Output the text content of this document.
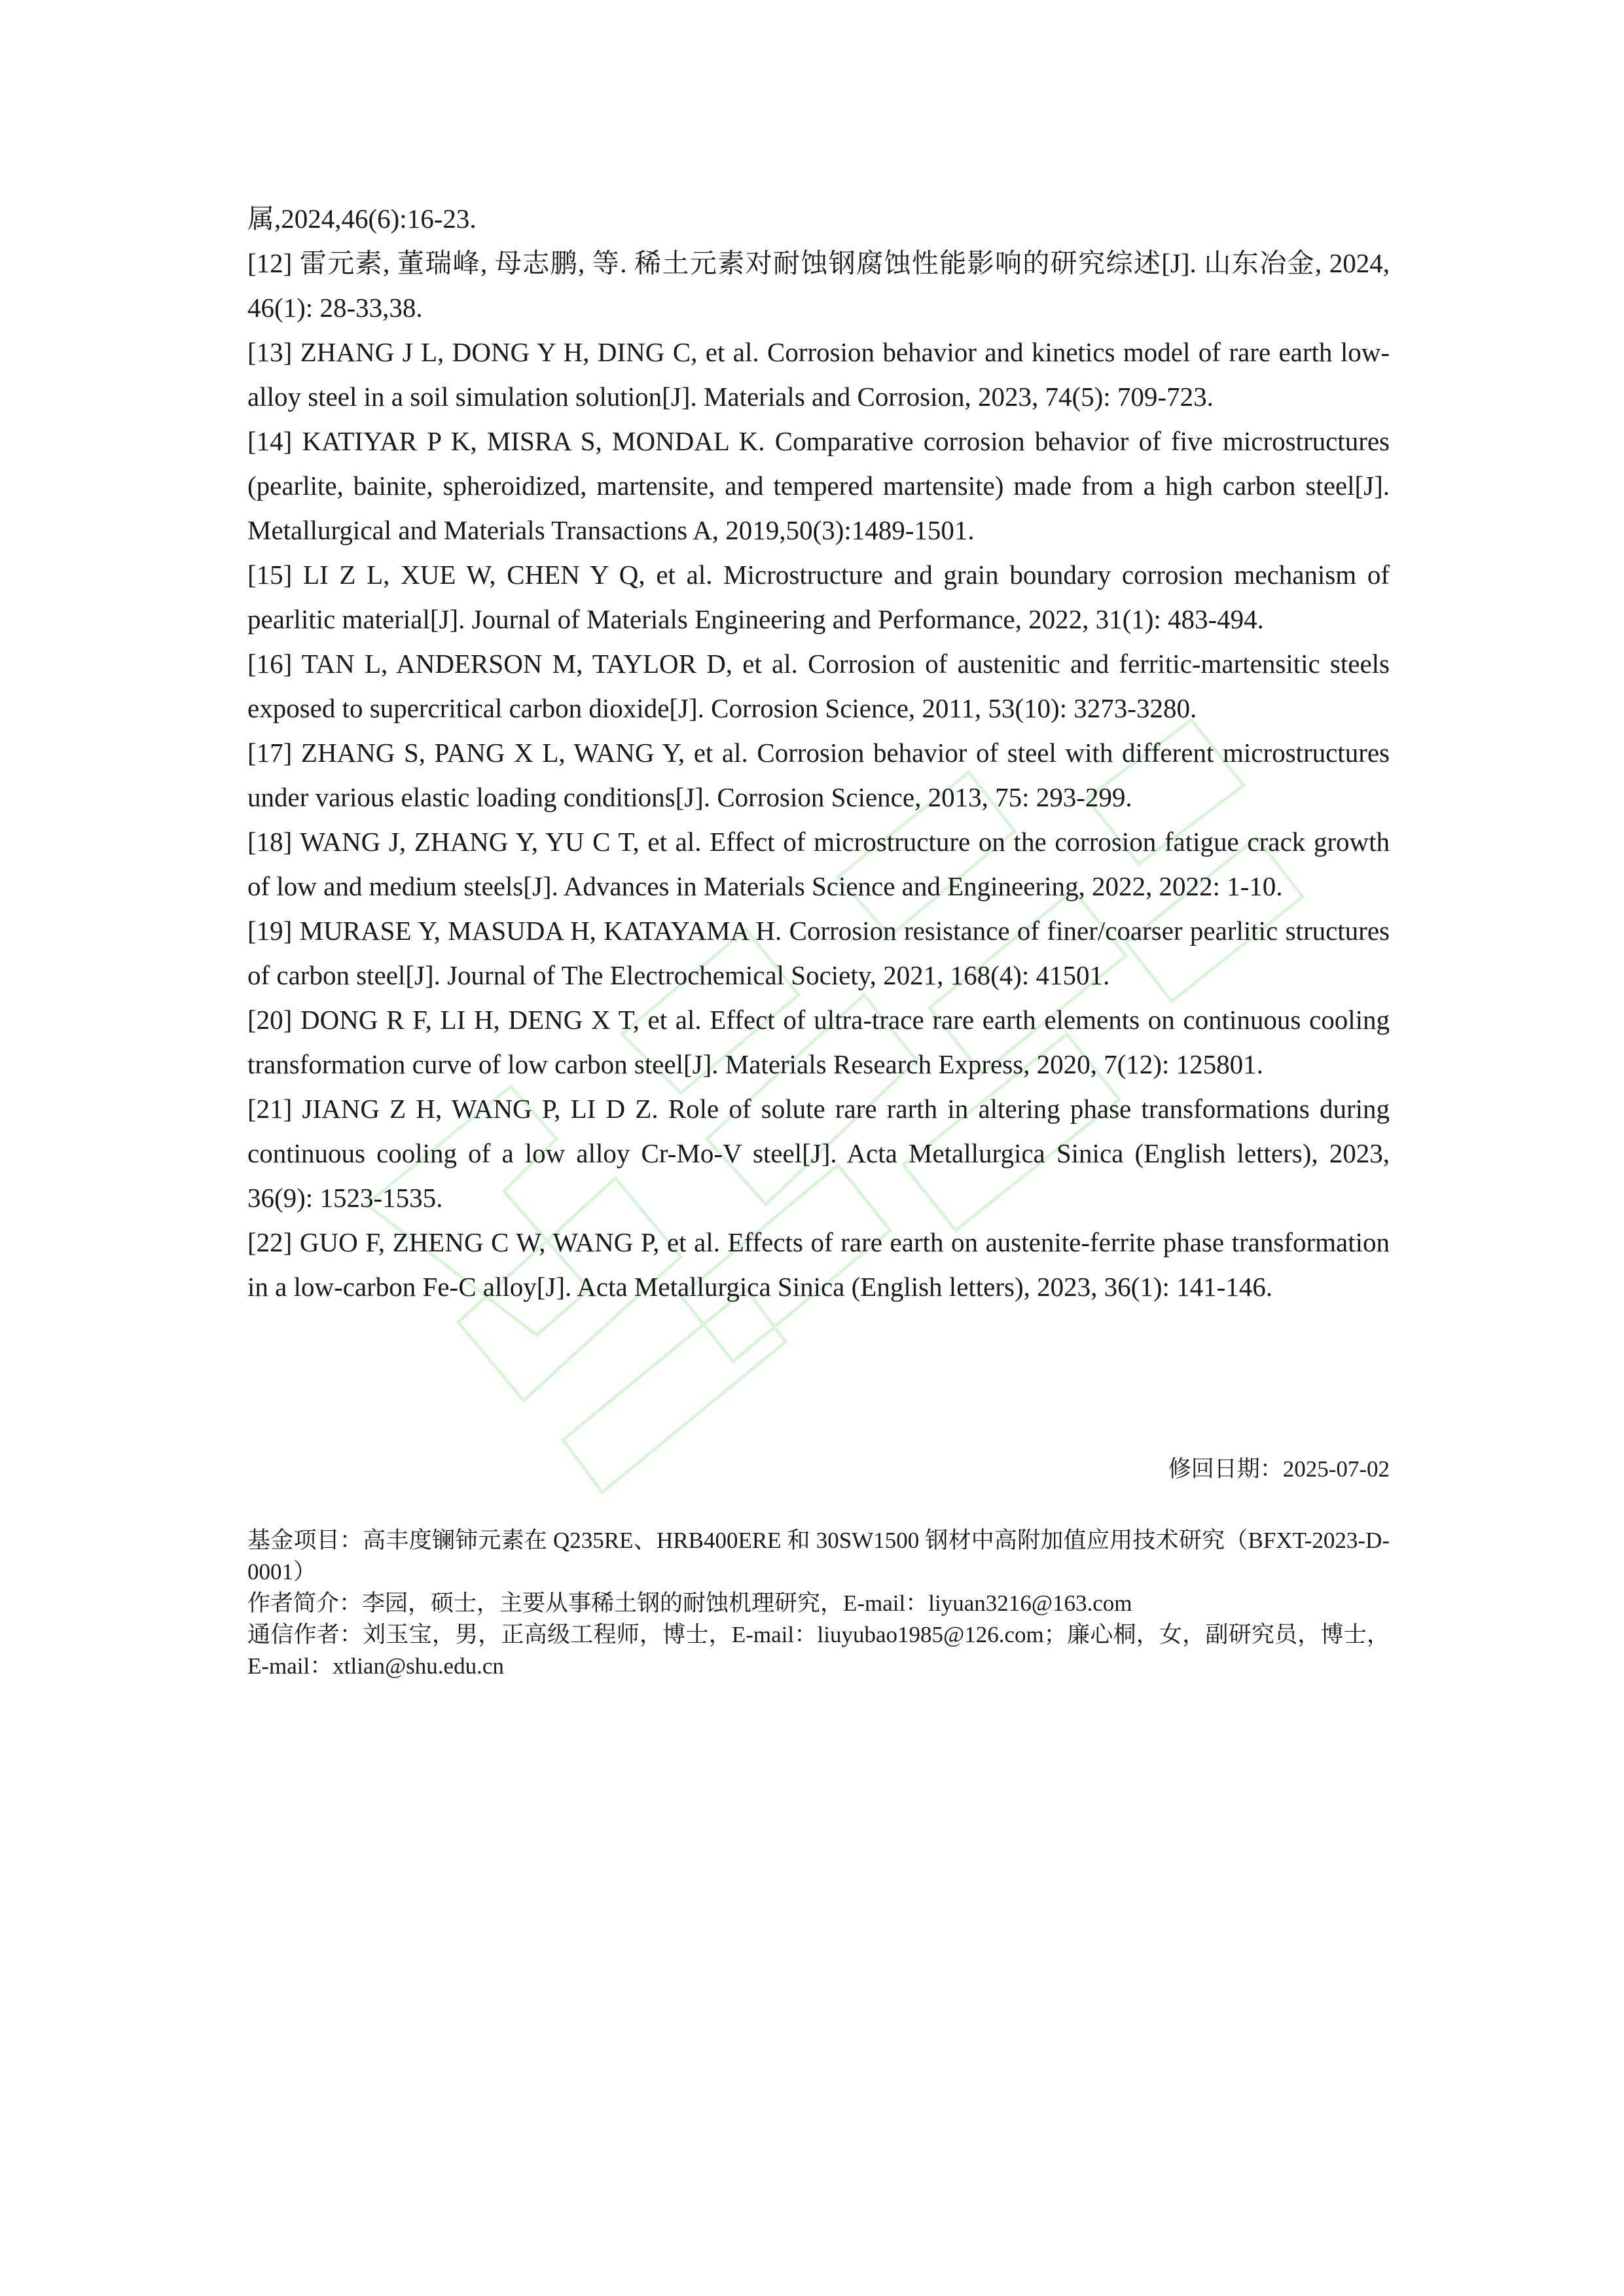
属,2024,46(6):16-23.

[12] 雷元素, 董瑞峰, 母志鹏, 等. 稀土元素对耐蚀钢腐蚀性能影响的研究综述[J]. 山东冶金, 2024, 46(1): 28-33,38.

[13] ZHANG J L, DONG Y H, DING C, et al. Corrosion behavior and kinetics model of rare earth low‐alloy steel in a soil simulation solution[J]. Materials and Corrosion, 2023, 74(5): 709-723.

[14] KATIYAR P K, MISRA S, MONDAL K. Comparative corrosion behavior of five microstructures (pearlite, bainite, spheroidized, martensite, and tempered martensite) made from a high carbon steel[J]. Metallurgical and Materials Transactions A, 2019,50(3):1489-1501.

[15] LI Z L, XUE W, CHEN Y Q, et al. Microstructure and grain boundary corrosion mechanism of pearlitic material[J]. Journal of Materials Engineering and Performance, 2022, 31(1): 483-494.

[16] TAN L, ANDERSON M, TAYLOR D, et al. Corrosion of austenitic and ferritic-martensitic steels exposed to supercritical carbon dioxide[J]. Corrosion Science, 2011, 53(10): 3273-3280.

[17] ZHANG S, PANG X L, WANG Y, et al. Corrosion behavior of steel with different microstructures under various elastic loading conditions[J]. Corrosion Science, 2013, 75: 293-299.

[18] WANG J, ZHANG Y, YU C T, et al. Effect of microstructure on the corrosion fatigue crack growth of low and medium steels[J]. Advances in Materials Science and Engineering, 2022, 2022: 1-10.

[19] MURASE Y, MASUDA H, KATAYAMA H. Corrosion resistance of finer/coarser pearlitic structures of carbon steel[J]. Journal of The Electrochemical Society, 2021, 168(4): 41501.

[20] DONG R F, LI H, DENG X T, et al. Effect of ultra-trace rare earth elements on continuous cooling transformation curve of low carbon steel[J]. Materials Research Express, 2020, 7(12): 125801.

[21] JIANG Z H, WANG P, LI D Z. Role of solute rare rarth in altering phase transformations during continuous cooling of a low alloy Cr-Mo-V steel[J]. Acta Metallurgica Sinica (English letters), 2023, 36(9): 1523-1535.

[22] GUO F, ZHENG C W, WANG P, et al. Effects of rare earth on austenite-ferrite phase transformation in a low-carbon Fe-C alloy[J]. Acta Metallurgica Sinica (English letters), 2023, 36(1): 141-146.

修回日期：2025-07-02

基金项目：高丰度镧铈元素在 Q235RE、HRB400ERE 和 30SW1500 钢材中高附加值应用技术研究（BFXT-2023-D-0001）

作者简介：李园，硕士，主要从事稀土钢的耐蚀机理研究，E-mail：liyuan3216@163.com

通信作者：刘玉宝，男，正高级工程师，博士，E-mail：liuyubao1985@126.com；廉心桐，女，副研究员，博士，E-mail：xtlian@shu.edu.cn
